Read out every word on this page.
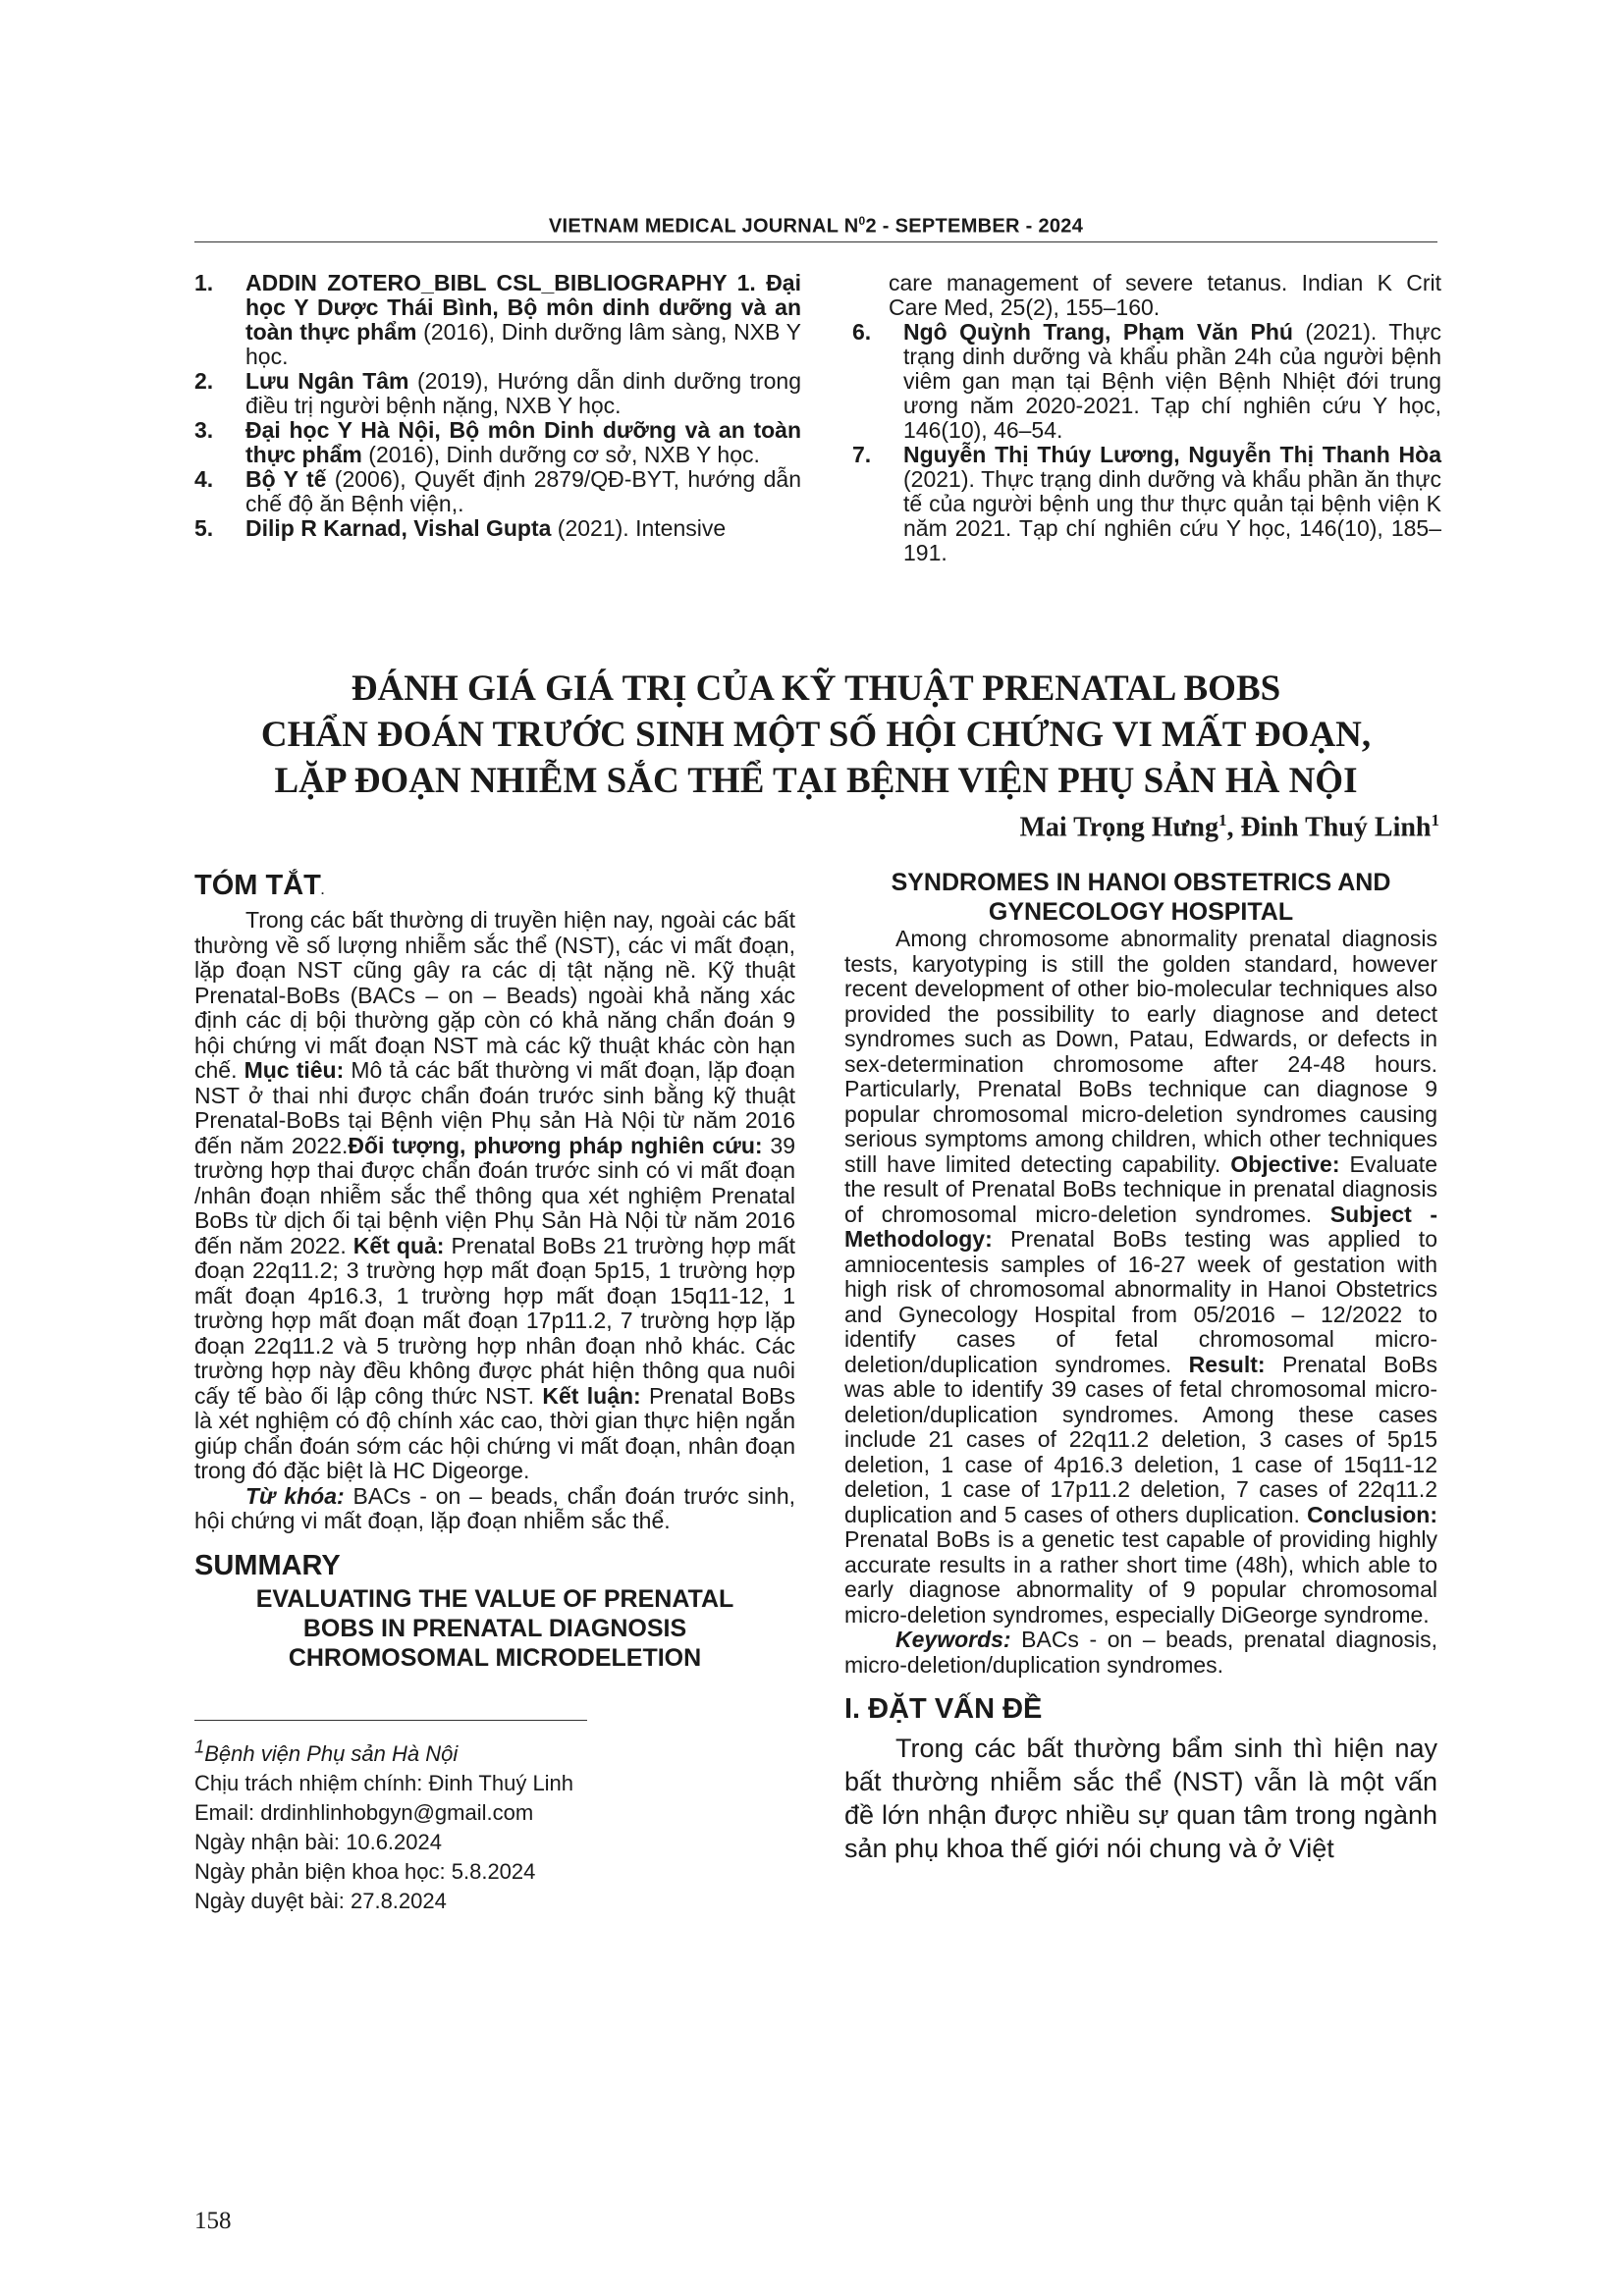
VIETNAM MEDICAL JOURNAL $N^02$ - SEPTEMBER - 2024
1. ADDIN ZOTERO_BIBL CSL_BIBLIOGRAPHY 1. Đại học Y Dược Thái Bình, Bộ môn dinh dưỡng và an toàn thực phẩm (2016), Dinh dưỡng lâm sàng, NXB Y học.
2. Lưu Ngân Tâm (2019), Hướng dẫn dinh dưỡng trong điều trị người bệnh nặng, NXB Y học.
3. Đại học Y Hà Nội, Bộ môn Dinh dưỡng và an toàn thực phẩm (2016), Dinh dưỡng cơ sở, NXB Y học.
4. Bộ Y tế (2006), Quyết định 2879/QĐ-BYT, hướng dẫn chế độ ăn Bệnh viện,.
5. Dilip R Karnad, Vishal Gupta (2021). Intensive
care management of severe tetanus. Indian K Crit Care Med, 25(2), 155–160.
6. Ngô Quỳnh Trang, Phạm Văn Phú (2021). Thực trạng dinh dưỡng và khẩu phần 24h của người bệnh viêm gan mạn tại Bệnh viện Bệnh Nhiệt đới trung ương năm 2020-2021. Tạp chí nghiên cứu Y học, 146(10), 46–54.
7. Nguyễn Thị Thúy Lương, Nguyễn Thị Thanh Hòa (2021). Thực trạng dinh dưỡng và khẩu phần ăn thực tế của người bệnh ung thư thực quản tại bệnh viện K năm 2021. Tạp chí nghiên cứu Y học, 146(10), 185–191.
ĐÁNH GIÁ GIÁ TRỊ CỦA KỸ THUẬT PRENATAL BOBS
CHẨN ĐOÁN TRƯỚC SINH MỘT SỐ HỘI CHỨNG VI MẤT ĐOẠN,
LẶP ĐOẠN NHIỄM SẮC THỂ TẠI BỆNH VIỆN PHỤ SẢN HÀ NỘI
Mai Trọng Hưng$^1$, Đinh Thuý Linh$^1$
TÓM TẮT.

Trong các bất thường di truyền hiện nay, ngoài các bất thường về số lượng nhiễm sắc thể (NST), các vi mất đoạn, lặp đoạn NST cũng gây ra các dị tật nặng nề. Kỹ thuật Prenatal-BoBs (BACs – on – Beads) ngoài khả năng xác định các dị bội thường gặp còn có khả năng chẩn đoán 9 hội chứng vi mất đoạn NST mà các kỹ thuật khác còn hạn chế. Mục tiêu: Mô tả các bất thường vi mất đoạn, lặp đoạn NST ở thai nhi được chẩn đoán trước sinh bằng kỹ thuật Prenatal-BoBs tại Bệnh viện Phụ sản Hà Nội từ năm 2016 đến năm 2022.Đối tượng, phương pháp nghiên cứu: 39 trường hợp thai được chẩn đoán trước sinh có vi mất đoạn /nhân đoạn nhiễm sắc thể thông qua xét nghiệm Prenatal BoBs từ dịch ối tại bệnh viện Phụ Sản Hà Nội từ năm 2016 đến năm 2022. Kết quả: Prenatal BoBs 21 trường hợp mất đoạn 22q11.2; 3 trường hợp mất đoạn 5p15, 1 trường hợp mất đoạn 4p16.3, 1 trường hợp mất đoạn 15q11-12, 1 trường hợp mất đoạn mất đoạn 17p11.2, 7 trường hợp lặp đoạn 22q11.2 và 5 trường hợp nhân đoạn nhỏ khác. Các trường hợp này đều không được phát hiện thông qua nuôi cấy tế bào ối lập công thức NST. Kết luận: Prenatal BoBs là xét nghiệm có độ chính xác cao, thời gian thực hiện ngắn giúp chẩn đoán sớm các hội chứng vi mất đoạn, nhân đoạn trong đó đặc biệt là HC Digeorge.

Từ khóa: BACs - on – beads, chẩn đoán trước sinh, hội chứng vi mất đoạn, lặp đoạn nhiễm sắc thể.

SUMMARY
EVALUATING THE VALUE OF PRENATAL
BOBS IN PRENATAL DIAGNOSIS
CHROMOSOMAL MICRODELETION
$^1$Bệnh viện Phụ sản Hà Nội
Chịu trách nhiệm chính: Đinh Thuý Linh
Email: drdinhlinhobgyn@gmail.com
Ngày nhận bài: 10.6.2024
Ngày phản biện khoa học: 5.8.2024
Ngày duyệt bài: 27.8.2024
SYNDROMES IN HANOI OBSTETRICS AND
GYNECOLOGY HOSPITAL

Among chromosome abnormality prenatal diagnosis tests, karyotyping is still the golden standard, however recent development of other bio-molecular techniques also provided the possibility to early diagnose and detect syndromes such as Down, Patau, Edwards, or defects in sex-determination chromosome after 24-48 hours. Particularly, Prenatal BoBs technique can diagnose 9 popular chromosomal micro-deletion syndromes causing serious symptoms among children, which other techniques still have limited detecting capability. Objective: Evaluate the result of Prenatal BoBs technique in prenatal diagnosis of chromosomal micro-deletion syndromes. Subject - Methodology: Prenatal BoBs testing was applied to amniocentesis samples of 16-27 week of gestation with high risk of chromosomal abnormality in Hanoi Obstetrics and Gynecology Hospital from 05/2016 – 12/2022 to identify cases of fetal chromosomal micro-deletion/duplication syndromes. Result: Prenatal BoBs was able to identify 39 cases of fetal chromosomal micro-deletion/duplication syndromes. Among these cases include 21 cases of 22q11.2 deletion, 3 cases of 5p15 deletion, 1 case of 4p16.3 deletion, 1 case of 15q11-12 deletion, 1 case of 17p11.2 deletion, 7 cases of 22q11.2 duplication and 5 cases of others duplication. Conclusion: Prenatal BoBs is a genetic test capable of providing highly accurate results in a rather short time (48h), which able to early diagnose abnormality of 9 popular chromosomal micro-deletion syndromes, especially DiGeorge syndrome.

Keywords: BACs - on – beads, prenatal diagnosis, micro-deletion/duplication syndromes.

I. ĐẶT VẤN ĐỀ

Trong các bất thường bẩm sinh thì hiện nay bất thường nhiễm sắc thể (NST) vẫn là một vấn đề lớn nhận được nhiều sự quan tâm trong ngành sản phụ khoa thế giới nói chung và ở Việt

158
